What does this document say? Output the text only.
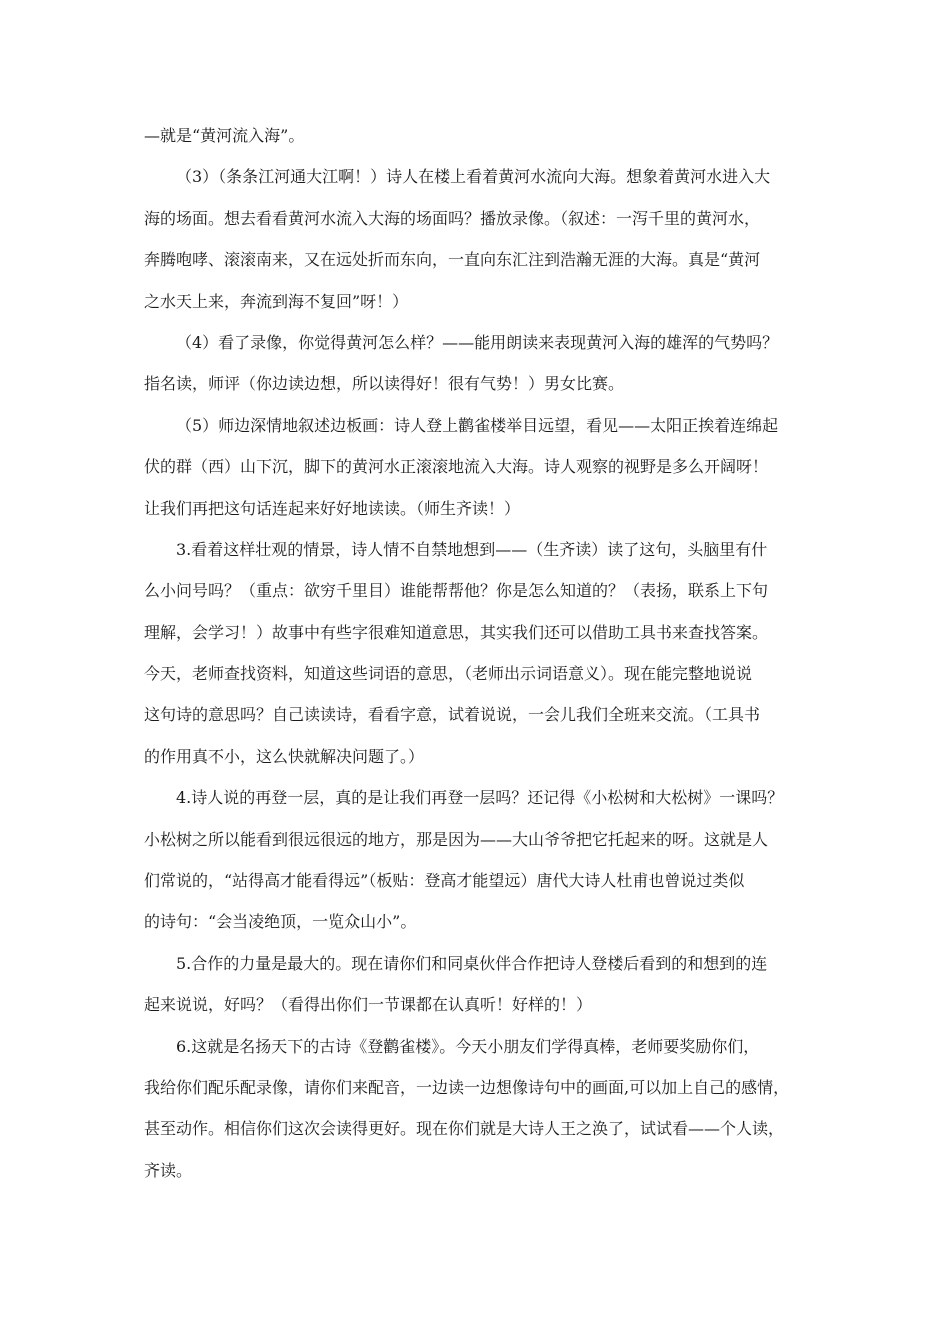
—就是“黄河流入海”。
（3）（条条江河通大江啊！）诗人在楼上看着黄河水流向大海。想象着黄河水进入大
海的场面。想去看看黄河水流入大海的场面吗？播放录像。（叙述：一泻千里的黄河水，
奔腾咆哮、滚滚南来，又在远处折而东向，一直向东汇注到浩瀚无涯的大海。真是“黄河
之水天上来，奔流到海不复回”呀！）
（4）看了录像，你觉得黄河怎么样？——能用朗读来表现黄河入海的雄浑的气势吗？
指名读，师评（你边读边想，所以读得好！很有气势！）男女比赛。
（5）师边深情地叙述边板画：诗人登上鹳雀楼举目远望，看见——太阳正挨着连绵起
伏的群（西）山下沉，脚下的黄河水正滚滚地流入大海。诗人观察的视野是多么开阔呀！
让我们再把这句话连起来好好地读读。（师生齐读！）
3.看着这样壮观的情景，诗人情不自禁地想到——（生齐读）读了这句，头脑里有什
么小问号吗？（重点：欲穷千里目）谁能帮帮他？你是怎么知道的？（表扬，联系上下句
理解，会学习！）故事中有些字很难知道意思，其实我们还可以借助工具书来查找答案。
今天，老师查找资料，知道这些词语的意思，（老师出示词语意义）。现在能完整地说说
这句诗的意思吗？自己读读诗，看看字意，试着说说，一会儿我们全班来交流。（工具书
的作用真不小，这么快就解决问题了。）
4.诗人说的再登一层，真的是让我们再登一层吗？还记得《小松树和大松树》一课吗？
小松树之所以能看到很远很远的地方，那是因为——大山爷爷把它托起来的呀。这就是人
们常说的，“站得高才能看得远”（板贴：登高才能望远）唐代大诗人杜甫也曾说过类似
的诗句：“会当凌绝顶，一览众山小”。
5.合作的力量是最大的。现在请你们和同桌伙伴合作把诗人登楼后看到的和想到的连
起来说说，好吗？（看得出你们一节课都在认真听！好样的！）
6.这就是名扬天下的古诗《登鹳雀楼》。今天小朋友们学得真棒，老师要奖励你们，
我给你们配乐配录像，请你们来配音，一边读一边想像诗句中的画面,可以加上自己的感情，
甚至动作。相信你们这次会读得更好。现在你们就是大诗人王之涣了，试试看——个人读，
齐读。
